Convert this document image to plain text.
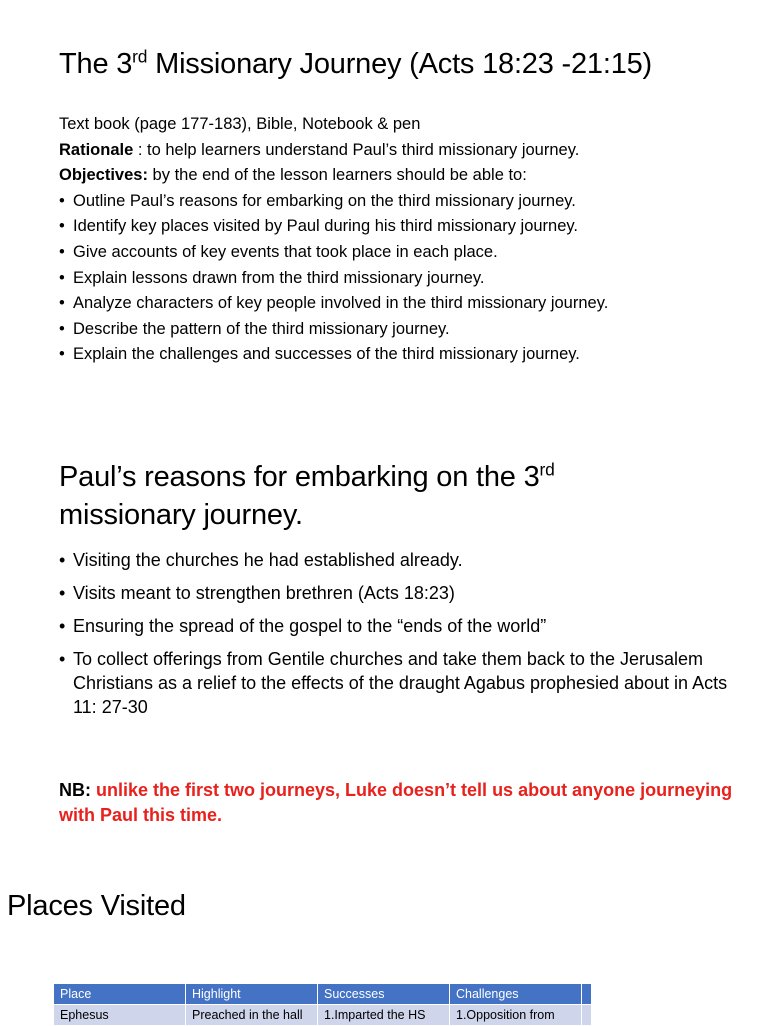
The 3rd Missionary Journey (Acts 18:23 -21:15)

Text book (page 177-183), Bible, Notebook & pen

Rationale : to help learners understand Paul’s third missionary journey.

Objectives: by the end of the lesson learners should be able to:

• Outline Paul’s reasons for embarking on the third missionary journey.
• Identify key places visited by Paul during his third missionary journey.
• Give accounts of key events that took place in each place.
• Explain lessons drawn from the third missionary journey.
• Analyze characters of key people involved in the third missionary journey.
• Describe the pattern of the third missionary journey.
• Explain the challenges and successes of the third missionary journey.
Paul’s reasons for embarking on the 3rd
missionary journey.
• Visiting the churches he had established already.
• Visits meant to strengthen brethren (Acts 18:23)
• Ensuring the spread of the gospel to the “ends of the world”
• To collect offerings from Gentile churches and take them back to the Jerusalem Christians as a relief to the effects of the draught Agabus prophesied about in Acts 11: 27-30

NB: unlike the first two journeys, Luke doesn’t tell us about anyone journeying with Paul this time.

Places Visited
Place	Highlight	Successes	Challenges	
Ephesus	Preached in the hall	1.Imparted the HS	1.Opposition from	
